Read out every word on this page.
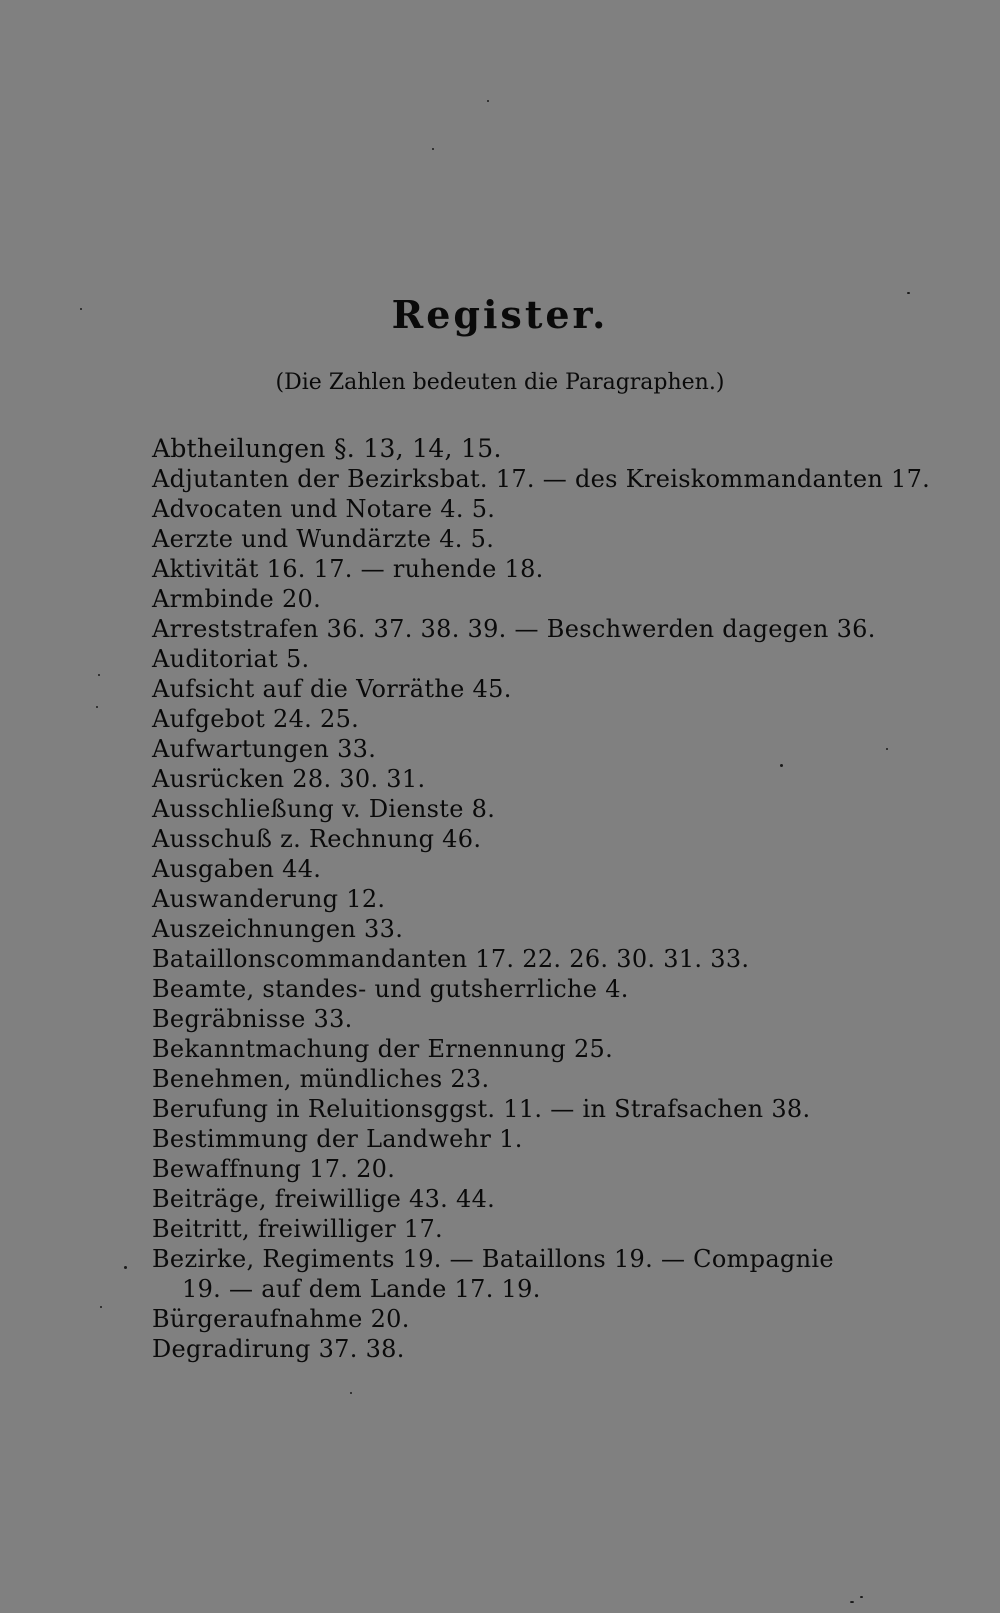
Register.
(Die Zahlen bedeuten die Paragraphen.)
Abtheilungen §. 13, 14, 15.
Adjutanten der Bezirksbat. 17. — des Kreiskommandanten 17.
Advocaten und Notare 4. 5.
Aerzte und Wundärzte 4. 5.
Aktivität 16. 17. — ruhende 18.
Armbinde 20.
Arreststrafen 36. 37. 38. 39. — Beschwerden dagegen 36.
Auditoriat 5.
Aufsicht auf die Vorräthe 45.
Aufgebot 24. 25.
Aufwartungen 33.
Ausrücken 28. 30. 31.
Ausschließung v. Dienste 8.
Ausschuß z. Rechnung 46.
Ausgaben 44.
Auswanderung 12.
Auszeichnungen 33.
Bataillonscommandanten 17. 22. 26. 30. 31. 33.
Beamte, standes- und gutsherrliche 4.
Begräbnisse 33.
Bekanntmachung der Ernennung 25.
Benehmen, mündliches 23.
Berufung in Reluitionsggst. 11. — in Strafsachen 38.
Bestimmung der Landwehr 1.
Bewaffnung 17. 20.
Beiträge, freiwillige 43. 44.
Beitritt, freiwilliger 17.
Bezirke, Regiments 19. — Bataillons 19. — Compagnie
19. — auf dem Lande 17. 19.
Bürgeraufnahme 20.
Degradirung 37. 38.
